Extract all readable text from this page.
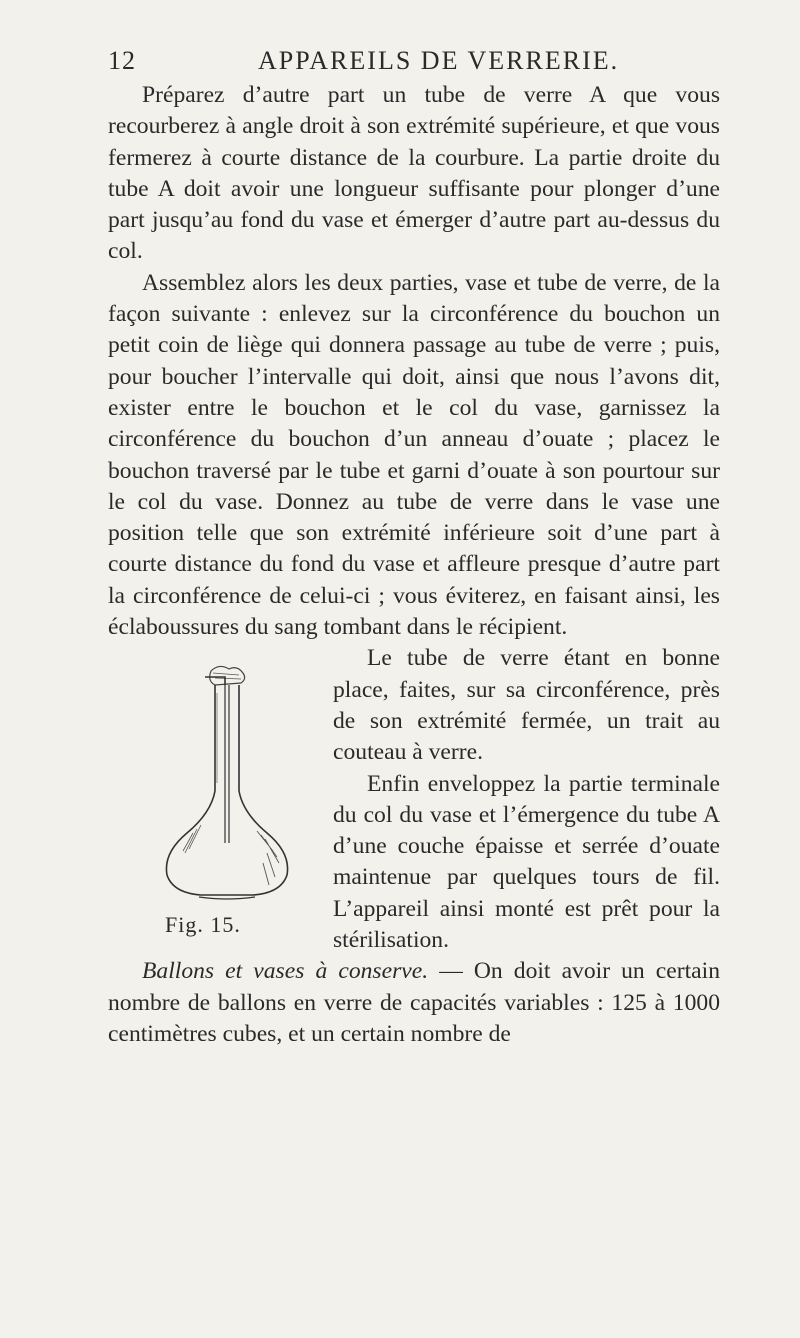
12	APPAREILS DE VERRERIE.

Préparez d’autre part un tube de verre A que vous recourberez à angle droit à son extrémité supérieure, et que vous fermerez à courte distance de la courbure. La partie droite du tube A doit avoir une longueur suffisante pour plonger d’une part jusqu’au fond du vase et émerger d’autre part au-dessus du col.

Assemblez alors les deux parties, vase et tube de verre, de la façon suivante : enlevez sur la circonférence du bouchon un petit coin de liège qui donnera passage au tube de verre ; puis, pour boucher l’intervalle qui doit, ainsi que nous l’avons dit, exister entre le bouchon et le col du vase, garnissez la circonférence du bouchon d’un anneau d’ouate ; placez le bouchon traversé par le tube et garni d’ouate à son pourtour sur le col du vase. Donnez au tube de verre dans le vase une position telle que son extrémité inférieure soit d’une part à courte distance du fond du vase et affleure presque d’autre part la circonférence de celui-ci ; vous éviterez, en faisant ainsi, les éclaboussures du sang tombant dans le récipient.

Fig. 15.

Le tube de verre étant en bonne place, faites, sur sa circonférence, près de son extrémité fermée, un trait au couteau à verre.

Enfin enveloppez la partie terminale du col du vase et l’émergence du tube A d’une couche épaisse et serrée d’ouate maintenue par quelques tours de fil. L’appareil ainsi monté est prêt pour la stérilisation.

Ballons et vases à conserve. — On doit avoir un certain nombre de ballons en verre de capacités variables : 125 à 1000 centimètres cubes, et un certain nombre de
